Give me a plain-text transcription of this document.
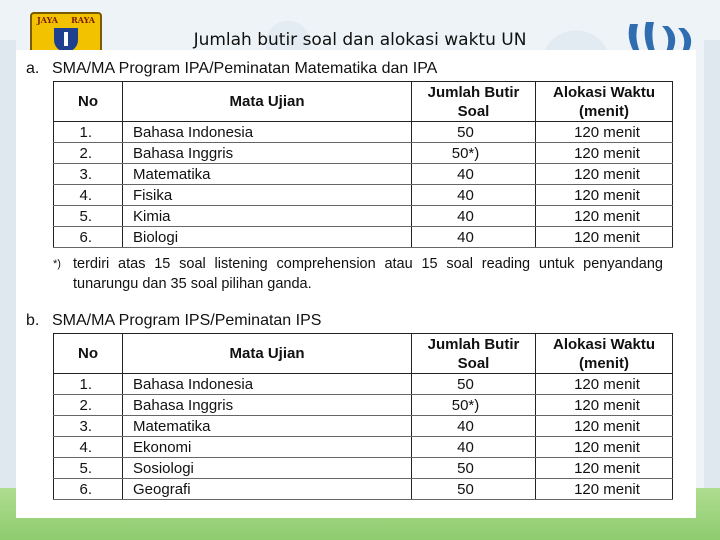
JAYA RAYA
Jumlah butir soal dan alokasi waktu UN
a. SMA/MA Program IPA/Peminatan Matematika dan IPA
No	Mata Ujian	Jumlah Butir Soal	Alokasi Waktu (menit)
1.	Bahasa Indonesia	50	120 menit
2.	Bahasa Inggris	50*)	120 menit
3.	Matematika	40	120 menit
4.	Fisika	40	120 menit
5.	Kimia	40	120 menit
6.	Biologi	40	120 menit
*) terdiri atas 15 soal listening comprehension atau 15 soal reading untuk penyandang tunarungu dan 35 soal pilihan ganda.
b. SMA/MA Program IPS/Peminatan IPS
No	Mata Ujian	Jumlah Butir Soal	Alokasi Waktu (menit)
1.	Bahasa Indonesia	50	120 menit
2.	Bahasa Inggris	50*)	120 menit
3.	Matematika	40	120 menit
4.	Ekonomi	40	120 menit
5.	Sosiologi	50	120 menit
6.	Geografi	50	120 menit
